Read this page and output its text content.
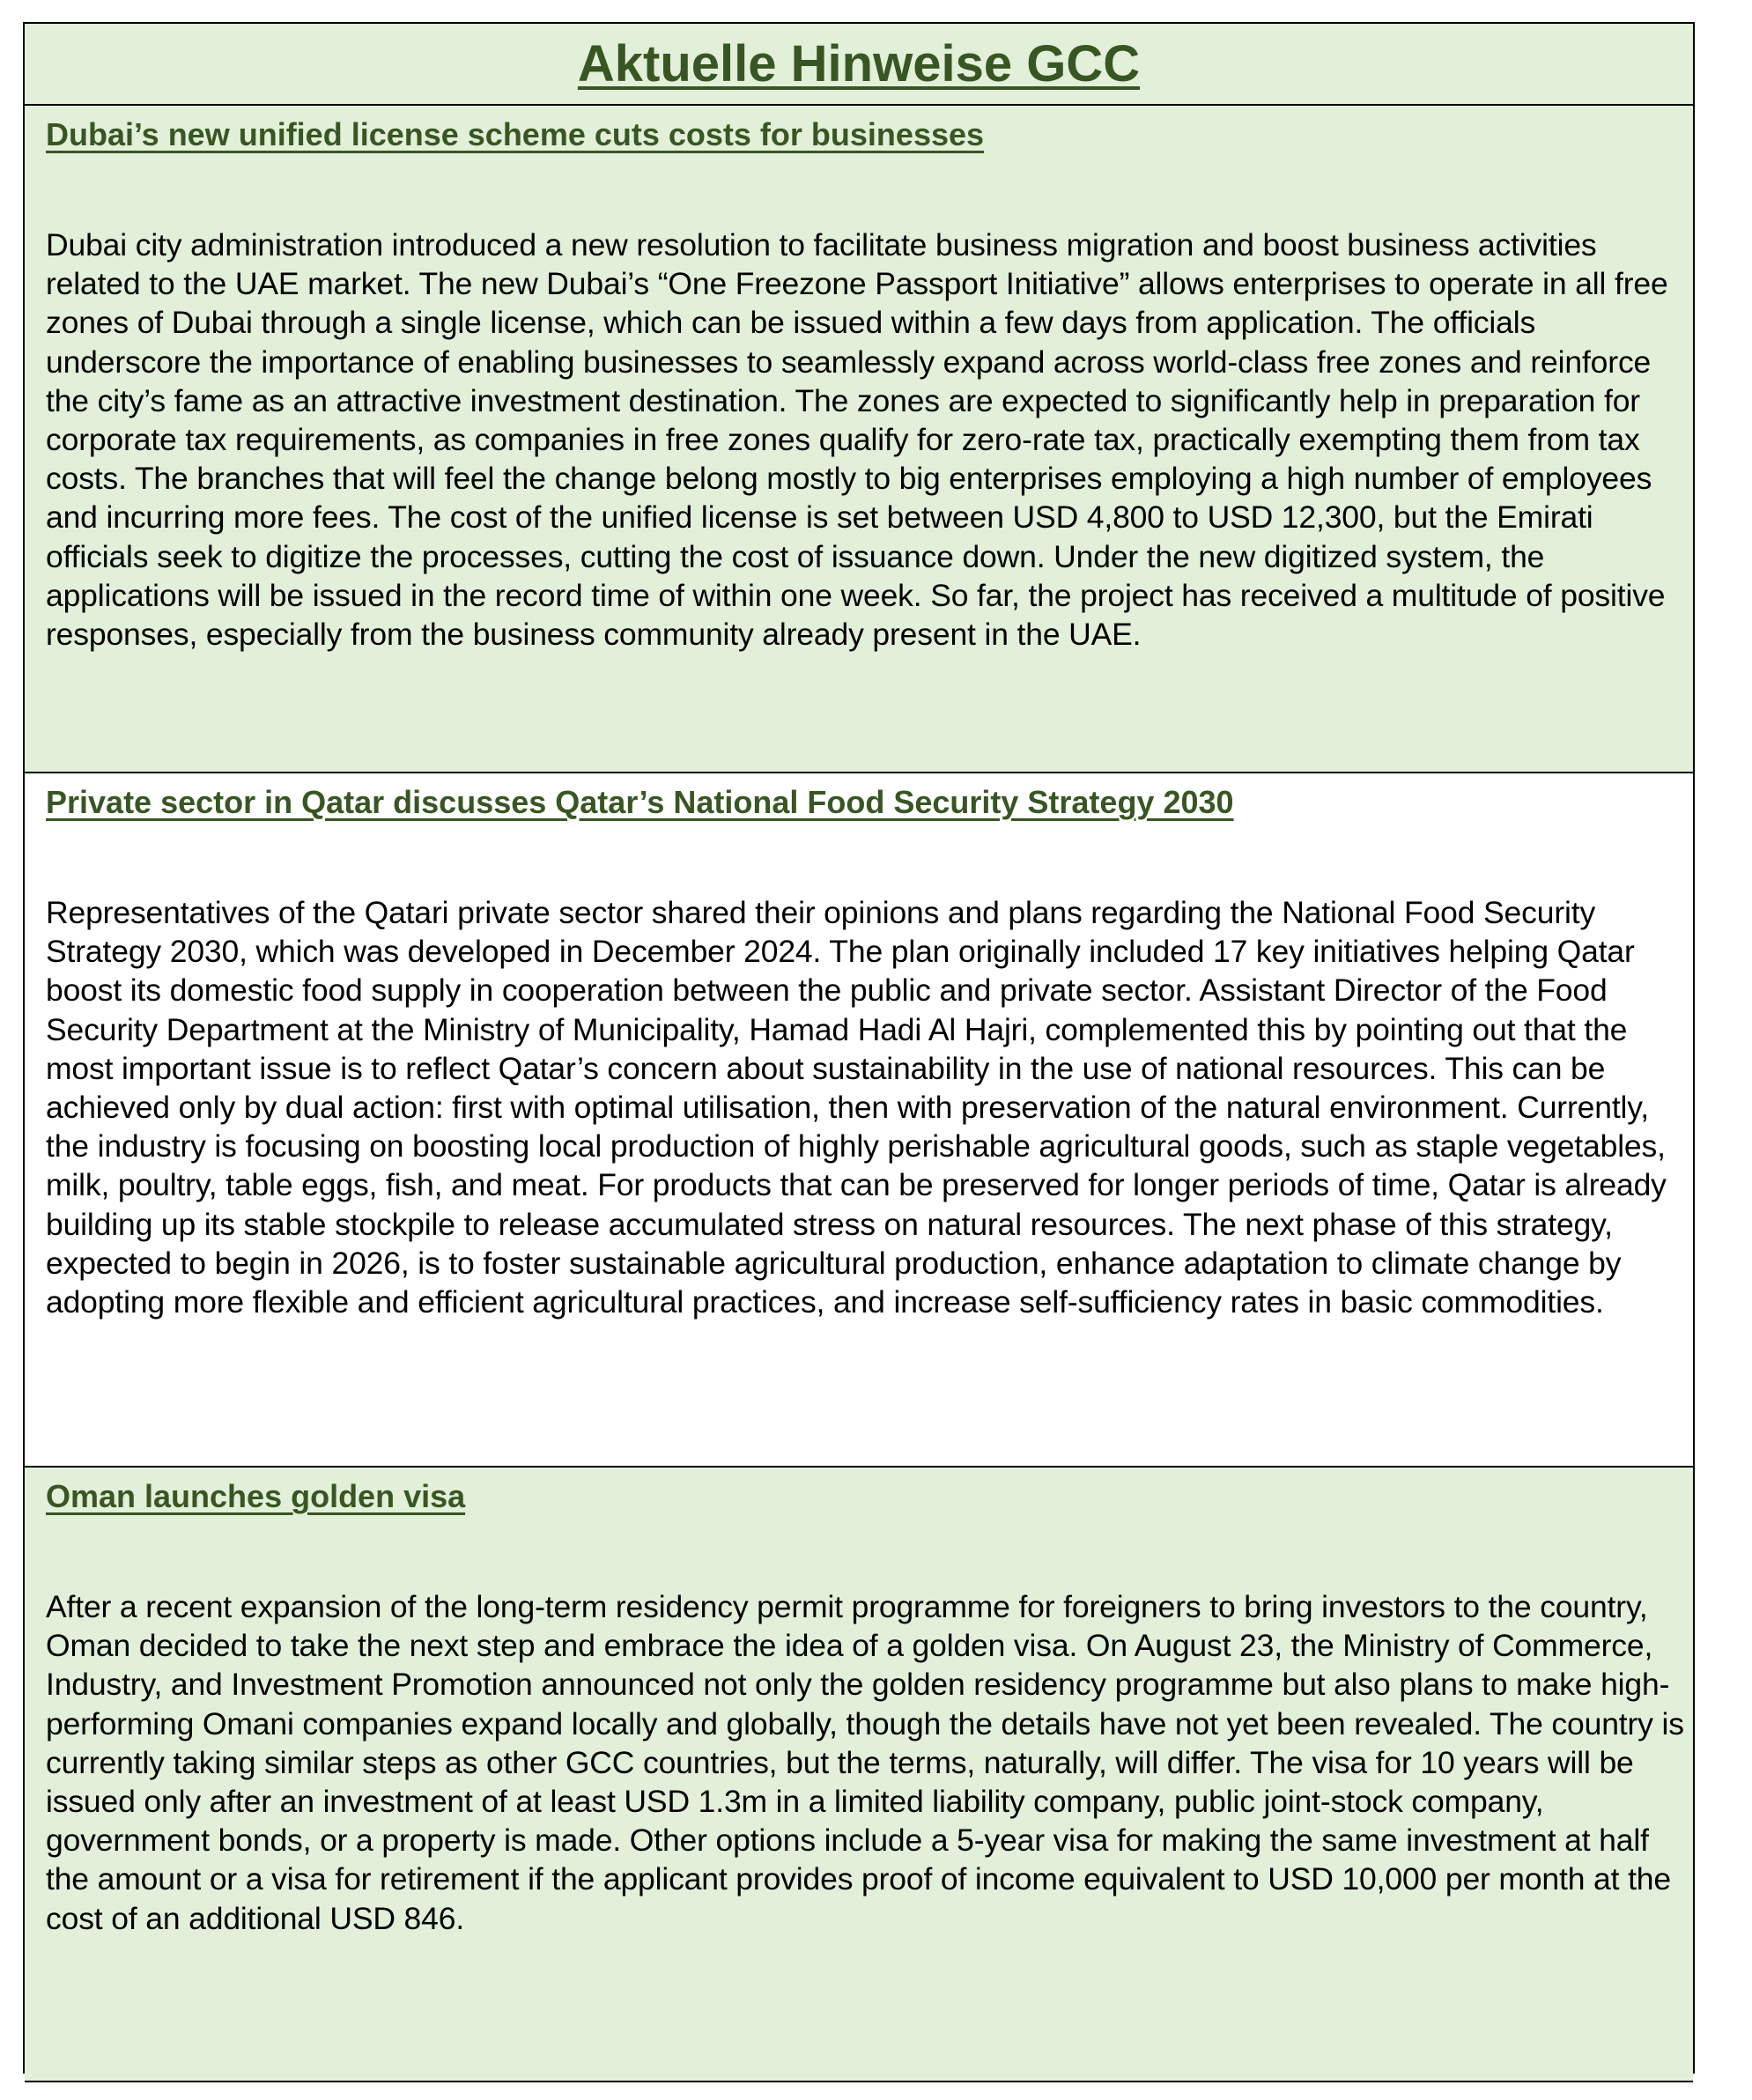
Aktuelle Hinweise GCC
Dubai’s new unified license scheme cuts costs for businesses

Dubai city administration introduced a new resolution to facilitate business migration and boost business activities related to the UAE market. The new Dubai’s “One Freezone Passport Initiative” allows enterprises to operate in all free zones of Dubai through a single license, which can be issued within a few days from application. The officials underscore the importance of enabling businesses to seamlessly expand across world-class free zones and reinforce the city’s fame as an attractive investment destination. The zones are expected to significantly help in preparation for corporate tax requirements, as companies in free zones qualify for zero-rate tax, practically exempting them from tax costs. The branches that will feel the change belong mostly to big enterprises employing a high number of employees and incurring more fees. The cost of the unified license is set between USD 4,800 to USD 12,300, but the Emirati officials seek to digitize the processes, cutting the cost of issuance down. Under the new digitized system, the applications will be issued in the record time of within one week. So far, the project has received a multitude of positive responses, especially from the business community already present in the UAE.

Private sector in Qatar discusses Qatar’s National Food Security Strategy 2030

Representatives of the Qatari private sector shared their opinions and plans regarding the National Food Security Strategy 2030, which was developed in December 2024. The plan originally included 17 key initiatives helping Qatar boost its domestic food supply in cooperation between the public and private sector. Assistant Director of the Food Security Department at the Ministry of Municipality, Hamad Hadi Al Hajri, complemented this by pointing out that the most important issue is to reflect Qatar’s concern about sustainability in the use of national resources. This can be achieved only by dual action: first with optimal utilisation, then with preservation of the natural environment. Currently, the industry is focusing on boosting local production of highly perishable agricultural goods, such as staple vegetables, milk, poultry, table eggs, fish, and meat. For products that can be preserved for longer periods of time, Qatar is already building up its stable stockpile to release accumulated stress on natural resources. The next phase of this strategy, expected to begin in 2026, is to foster sustainable agricultural production, enhance adaptation to climate change by adopting more flexible and efficient agricultural practices, and increase self-sufficiency rates in basic commodities.

Oman launches golden visa

After a recent expansion of the long-term residency permit programme for foreigners to bring investors to the country, Oman decided to take the next step and embrace the idea of a golden visa. On August 23, the Ministry of Commerce, Industry, and Investment Promotion announced not only the golden residency programme but also plans to make high-performing Omani companies expand locally and globally, though the details have not yet been revealed. The country is currently taking similar steps as other GCC countries, but the terms, naturally, will differ. The visa for 10 years will be issued only after an investment of at least USD 1.3m in a limited liability company, public joint-stock company, government bonds, or a property is made. Other options include a 5-year visa for making the same investment at half the amount or a visa for retirement if the applicant provides proof of income equivalent to USD 10,000 per month at the cost of an additional USD 846.
